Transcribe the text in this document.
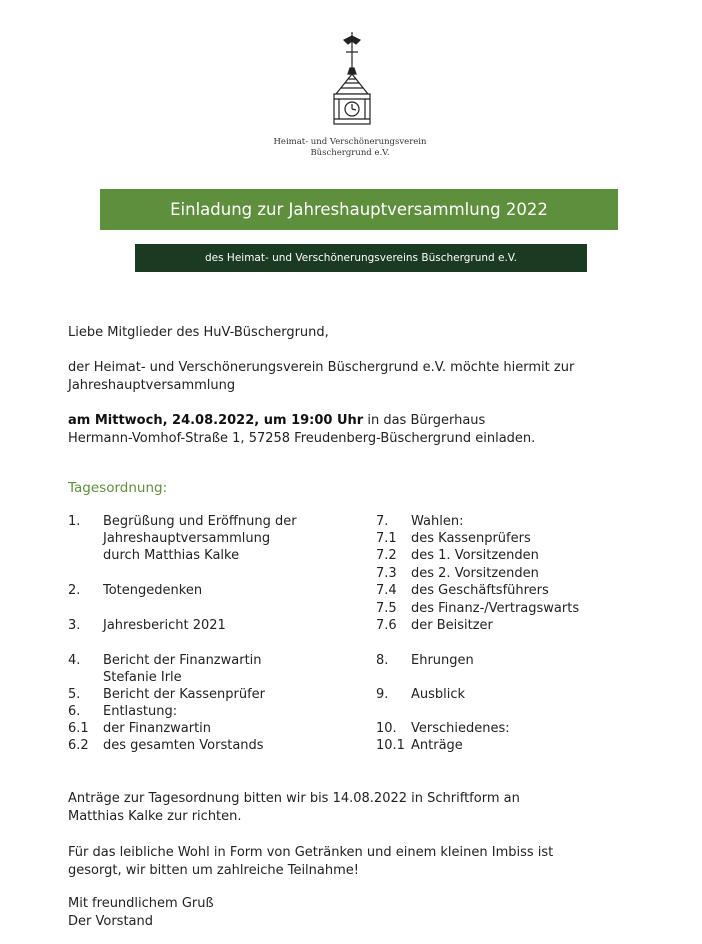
Heimat- und Verschönerungsverein
Büschergrund e.V.
Einladung zur Jahreshauptversammlung 2022
des Heimat- und Verschönerungsvereins Büschergrund e.V.
Liebe Mitglieder des HuV-Büschergrund,
der Heimat- und Verschönerungsverein Büschergrund e.V. möchte hiermit zur
Jahreshauptversammlung
am Mittwoch, 24.08.2022, um 19:00 Uhr in das Bürgerhaus
Hermann-Vomhof-Straße 1, 57258 Freudenberg-Büschergrund einladen.
Tagesordnung:
1. Begrüßung und Eröffnung der
Jahreshauptversammlung
durch Matthias Kalke
2. Totengedenken
3. Jahresbericht 2021
4. Bericht der Finanzwartin
Stefanie Irle
5. Bericht der Kassenprüfer
6. Entlastung:
6.1 der Finanzwartin
6.2 des gesamten Vorstands
7. Wahlen:
7.1 des Kassenprüfers
7.2 des 1. Vorsitzenden
7.3 des 2. Vorsitzenden
7.4 des Geschäftsführers
7.5 des Finanz-/Vertragswarts
7.6 der Beisitzer
8. Ehrungen
9. Ausblick
10. Verschiedenes:
10.1 Anträge
Anträge zur Tagesordnung bitten wir bis 14.08.2022 in Schriftform an
Matthias Kalke zur richten.
Für das leibliche Wohl in Form von Getränken und einem kleinen Imbiss ist
gesorgt, wir bitten um zahlreiche Teilnahme!
Mit freundlichem Gruß
Der Vorstand
